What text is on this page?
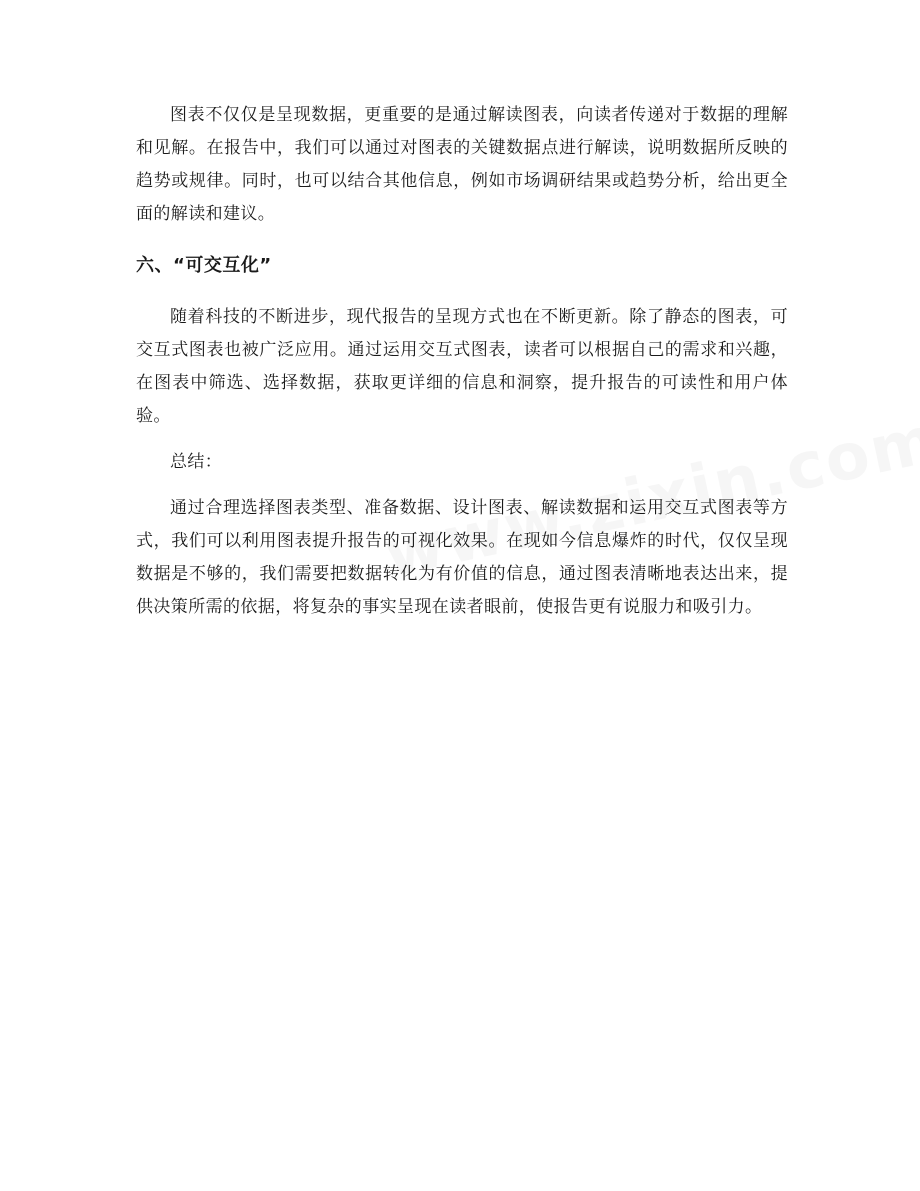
图表不仅仅是呈现数据，更重要的是通过解读图表，向读者传递对于数据的理解和见解。在报告中，我们可以通过对图表的关键数据点进行解读，说明数据所反映的趋势或规律。同时，也可以结合其他信息，例如市场调研结果或趋势分析，给出更全面的解读和建议。

六、“可交互化”

随着科技的不断进步，现代报告的呈现方式也在不断更新。除了静态的图表，可交互式图表也被广泛应用。通过运用交互式图表，读者可以根据自己的需求和兴趣，在图表中筛选、选择数据，获取更详细的信息和洞察，提升报告的可读性和用户体验。

总结：

通过合理选择图表类型、准备数据、设计图表、解读数据和运用交互式图表等方式，我们可以利用图表提升报告的可视化效果。在现如今信息爆炸的时代，仅仅呈现数据是不够的，我们需要把数据转化为有价值的信息，通过图表清晰地表达出来，提供决策所需的依据，将复杂的事实呈现在读者眼前，使报告更有说服力和吸引力。
